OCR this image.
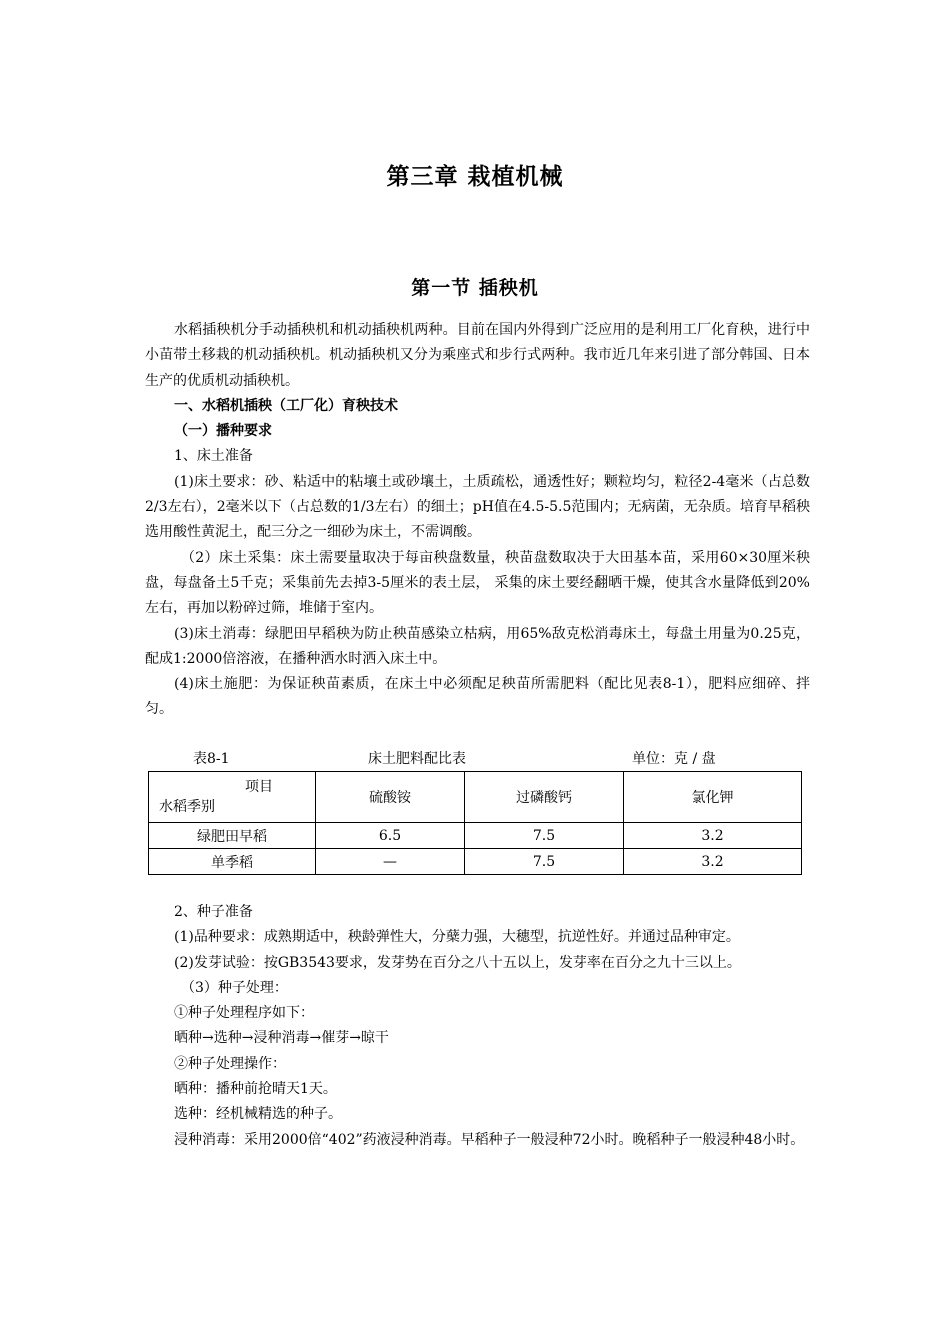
第三章 栽植机械
第一节 插秧机

水稻插秧机分手动插秧机和机动插秧机两种。目前在国内外得到广泛应用的是利用工厂化育秧，进行中小苗带土移栽的机动插秧机。机动插秧机又分为乘座式和步行式两种。我市近几年来引进了部分韩国、日本生产的优质机动插秧机。

一、水稻机插秧（工厂化）育秧技术

（一）播种要求

1、床土准备

(1)床土要求：砂、粘适中的粘壤土或砂壤土，土质疏松，通透性好；颗粒均匀，粒径2-4毫米（占总数2/3左右），2毫米以下（占总数的1/3左右）的细土；pH值在4.5-5.5范围内；无病菌，无杂质。培育早稻秧选用酸性黄泥土，配三分之一细砂为床土，不需调酸。

（2）床土采集：床土需要量取决于每亩秧盘数量，秧苗盘数取决于大田基本苗，采用60×30厘米秧盘，每盘备土5千克；采集前先去掉3-5厘米的表土层， 采集的床土要经翻晒干燥，使其含水量降低到20%左右，再加以粉碎过筛，堆储于室内。

(3)床土消毒：绿肥田早稻秧为防止秧苗感染立枯病，用65%敌克松消毒床土，每盘土用量为0.25克，配成1:2000倍溶液，在播种洒水时洒入床土中。

(4)床土施肥：为保证秧苗素质，在床土中必须配足秧苗所需肥料（配比见表8-1），肥料应细碎、拌匀。

表8-1	床土肥料配比表	单位：克 / 盘
项目
水稻季别	硫酸铵	过磷酸钙	氯化钾
绿肥田早稻	6.5	7.5	3.2
单季稻	—	7.5	3.2

2、种子准备

(1)品种要求：成熟期适中，秧龄弹性大，分蘖力强，大穗型，抗逆性好。并通过品种审定。

(2)发芽试验：按GB3543要求，发芽势在百分之八十五以上，发芽率在百分之九十三以上。

（3）种子处理：

①种子处理程序如下：

晒种→选种→浸种消毒→催芽→晾干

②种子处理操作：

晒种：播种前抢晴天1天。

选种：经机械精选的种子。

浸种消毒：采用2000倍“402”药液浸种消毒。早稻种子一般浸种72小时。晚稻种子一般浸种48小时。
